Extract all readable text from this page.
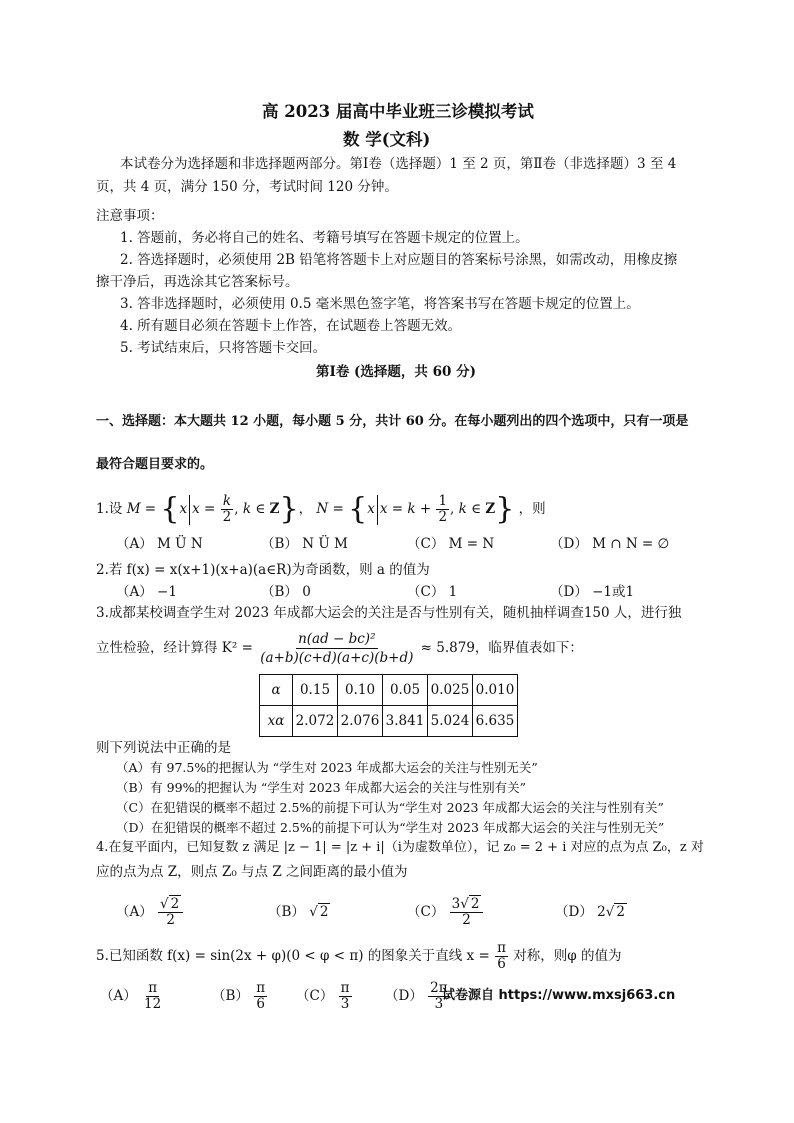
高 2023 届高中毕业班三诊模拟考试
数 学(文科)
本试卷分为选择题和非选择题两部分。第Ⅰ卷（选择题）1 至 2 页，第Ⅱ卷（非选择题）3 至 4
页，共 4 页，满分 150 分，考试时间 120 分钟。
注意事项：
1. 答题前，务必将自己的姓名、考籍号填写在答题卡规定的位置上。
2. 答选择题时，必须使用 2B 铅笔将答题卡上对应题目的答案标号涂黑，如需改动，用橡皮擦
擦干净后，再选涂其它答案标号。
3. 答非选择题时，必须使用 0.5 毫米黑色签字笔，将答案书写在答题卡规定的位置上。
4. 所有题目必须在答题卡上作答，在试题卷上答题无效。
5. 考试结束后，只将答题卡交回。
第Ⅰ卷 (选择题，共 60 分)
一、选择题：本大题共 12 小题，每小题 5 分，共计 60 分。在每小题列出的四个选项中，只有一项是
最符合题目要求的。
1.设 M = {x $x = \frac{k}{2}$ , k ∈ Z}， N = {x $x = k + \frac{1}{2}$ , k ∈ Z} ，则
（A） M Ü N	（B） N Ü M	（C） M = N	（D） M ∩ N = ∅
2.若 f(x) = x(x+1)(x+a)(a∈R)为奇函数，则 a 的值为
（A） −1	（B） 0	（C） 1	（D） −1或1
3.成都某校调查学生对 2023 年成都大运会的关注是否与性别有关，随机抽样调查150 人，进行独
立性检验，经计算得 $K^2 = \frac{\text{n(ad − bc)²}}{(a+b)(c+d)(a+c)(b+d)} \approx 5.879$，临界值表如下：
α	0.15	0.10	0.05	0.025	0.010
xα	2.072	2.076	3.841	5.024	6.635
则下列说法中正确的是
（A）有 97.5%的把握认为 “学生对 2023 年成都大运会的关注与性别无关”
（B）有 99%的把握认为 “学生对 2023 年成都大运会的关注与性别有关”
（C）在犯错误的概率不超过 2.5%的前提下可认为“学生对 2023 年成都大运会的关注与性别有关”
（D）在犯错误的概率不超过 2.5%的前提下可认为“学生对 2023 年成都大运会的关注与性别无关”
4.在复平面内，已知复数 z 满足 |z − 1| = |z + i|（i为虚数单位），记 z₀ = 2 + i 对应的点为点 Z₀，z 对
应的点为点 Z，则点 Z₀ 与点 Z 之间距离的最小值为
$(A) \frac{√ 2}{2}$	（B） √ 2	$(C) \frac{3√ 2}{2}$	（D） 2√ 2
5.已知函数 f(x) = sin(2x + φ)(0 < φ < π) 的图象关于直线 $x = \frac{\pi}{6}$ 对称，则φ 的值为
$(A) \frac{\pi}{12}$	$(B) \frac{\pi}{6} (C) \frac{\pi}{3} (D) \frac{2\pi}{3}$
试卷源自 https://www.mxsj663.cn
